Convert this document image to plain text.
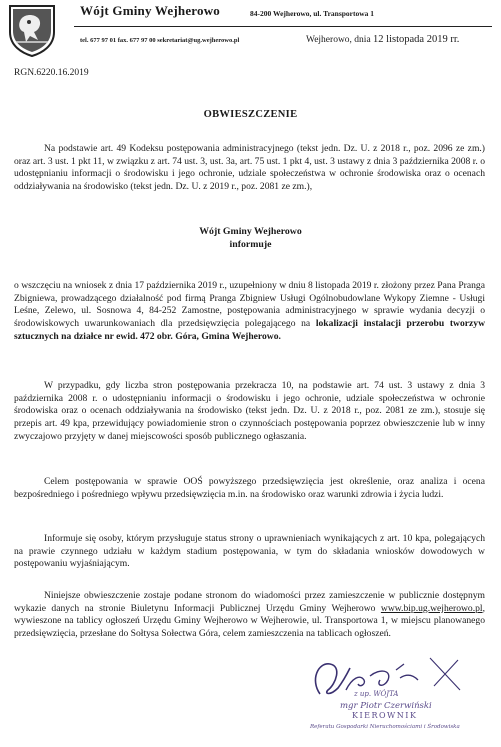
Wójt Gminy Wejherowo	84-200 Wejherowo, ul. Transportowa 1
tel. 677 97 01 fax. 677 97 00 sekretariat@ug.wejherowo.pl	Wejherowo, dnia 12 listopada 2019 rr.
RGN.6220.16.2019
OBWIESZCZENIE

Na podstawie art. 49 Kodeksu postępowania administracyjnego (tekst jedn. Dz. U. z 2018 r., poz. 2096 ze zm.) oraz art. 3 ust. 1 pkt 11, w związku z art. 74 ust. 3, ust. 3a, art. 75 ust. 1 pkt 4, ust. 3 ustawy z dnia 3 października 2008 r. o udostępnianiu informacji o środowisku i jego ochronie, udziale społeczeństwa w ochronie środowiska oraz o ocenach oddziaływania na środowisko (tekst jedn. Dz. U. z 2019 r., poz. 2081 ze zm.),

Wójt Gminy Wejherowo
informuje

o wszczęciu na wniosek z dnia 17 października 2019 r., uzupełniony w dniu 8 listopada 2019 r. złożony przez Pana Pranga Zbigniewa, prowadzącego działalność pod firmą Pranga Zbigniew Usługi Ogólnobudowlane Wykopy Ziemne - Usługi Leśne, Zelewo, ul. Sosnowa 4, 84-252 Zamostne, postępowania administracyjnego w sprawie wydania decyzji o środowiskowych uwarunkowaniach dla przedsięwzięcia polegającego na lokalizacji instalacji przerobu tworzyw sztucznych na działce nr ewid. 472 obr. Góra, Gmina Wejherowo.

W przypadku, gdy liczba stron postępowania przekracza 10, na podstawie art. 74 ust. 3 ustawy z dnia 3 października 2008 r. o udostępnianiu informacji o środowisku i jego ochronie, udziale społeczeństwa w ochronie środowiska oraz o ocenach oddziaływania na środowisko (tekst jedn. Dz. U. z 2018 r., poz. 2081 ze zm.), stosuje się przepis art. 49 kpa, przewidujący powiadomienie stron o czynnościach postępowania poprzez obwieszczenie lub w inny zwyczajowo przyjęty w danej miejscowości sposób publicznego ogłaszania.

Celem postępowania w sprawie OOŚ powyższego przedsięwzięcia jest określenie, oraz analiza i ocena bezpośredniego i pośredniego wpływu przedsięwzięcia m.in. na środowisko oraz warunki zdrowia i życia ludzi.

Informuje się osoby, którym przysługuje status strony o uprawnieniach wynikających z art. 10 kpa, polegających na prawie czynnego udziału w każdym stadium postępowania, w tym do składania wniosków dowodowych w postępowaniu wyjaśniającym.

Niniejsze obwieszczenie zostaje podane stronom do wiadomości przez zamieszczenie w publicznie dostępnym wykazie danych na stronie Biuletynu Informacji Publicznej Urzędu Gminy Wejherowo www.bip.ug.wejherowo.pl, wywieszone na tablicy ogłoszeń Urzędu Gminy Wejherowo w Wejherowie, ul. Transportowa 1, w miejscu planowanego przedsięwzięcia, przesłane do Sołtysa Sołectwa Góra, celem zamieszczenia na tablicach ogłoszeń.

z up. WÓJTA
mgr Piotr Czerwiński
KIEROWNIK
Referatu Gospodarki Nieruchomościami i Środowiska
